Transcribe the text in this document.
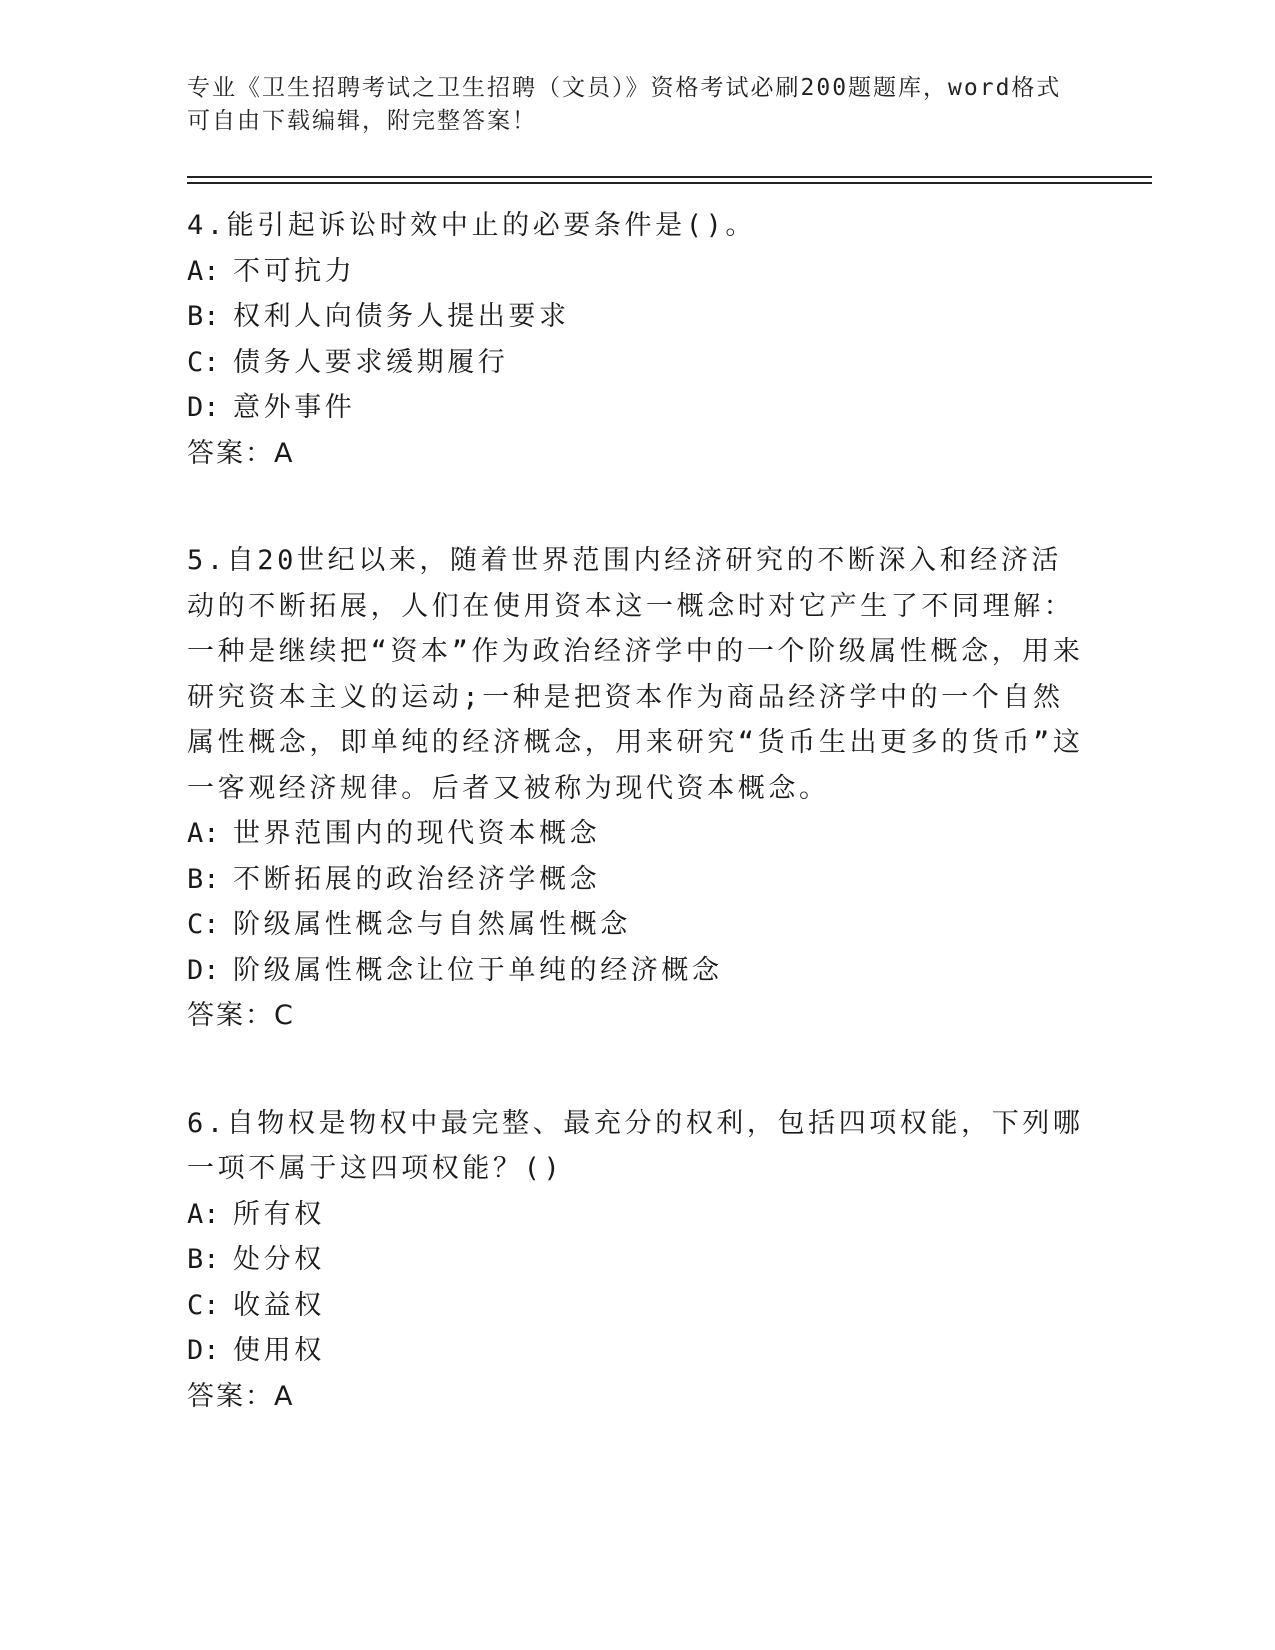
专业《卫生招聘考试之卫生招聘（文员）》资格考试必刷200题题库，word格式
可自由下载编辑，附完整答案！

4.能引起诉讼时效中止的必要条件是()。

A: 不可抗力

B: 权利人向债务人提出要求

C: 债务人要求缓期履行

D: 意外事件

答案：A

5.自20世纪以来，随着世界范围内经济研究的不断深入和经济活动的不断拓展，人们在使用资本这一概念时对它产生了不同理解：一种是继续把“资本”作为政治经济学中的一个阶级属性概念，用来研究资本主义的运动;一种是把资本作为商品经济学中的一个自然属性概念，即单纯的经济概念，用来研究“货币生出更多的货币”这一客观经济规律。后者又被称为现代资本概念。

A: 世界范围内的现代资本概念

B: 不断拓展的政治经济学概念

C: 阶级属性概念与自然属性概念

D: 阶级属性概念让位于单纯的经济概念

答案：C

6.自物权是物权中最完整、最充分的权利，包括四项权能，下列哪一项不属于这四项权能？()

A: 所有权

B: 处分权

C: 收益权

D: 使用权

答案：A
